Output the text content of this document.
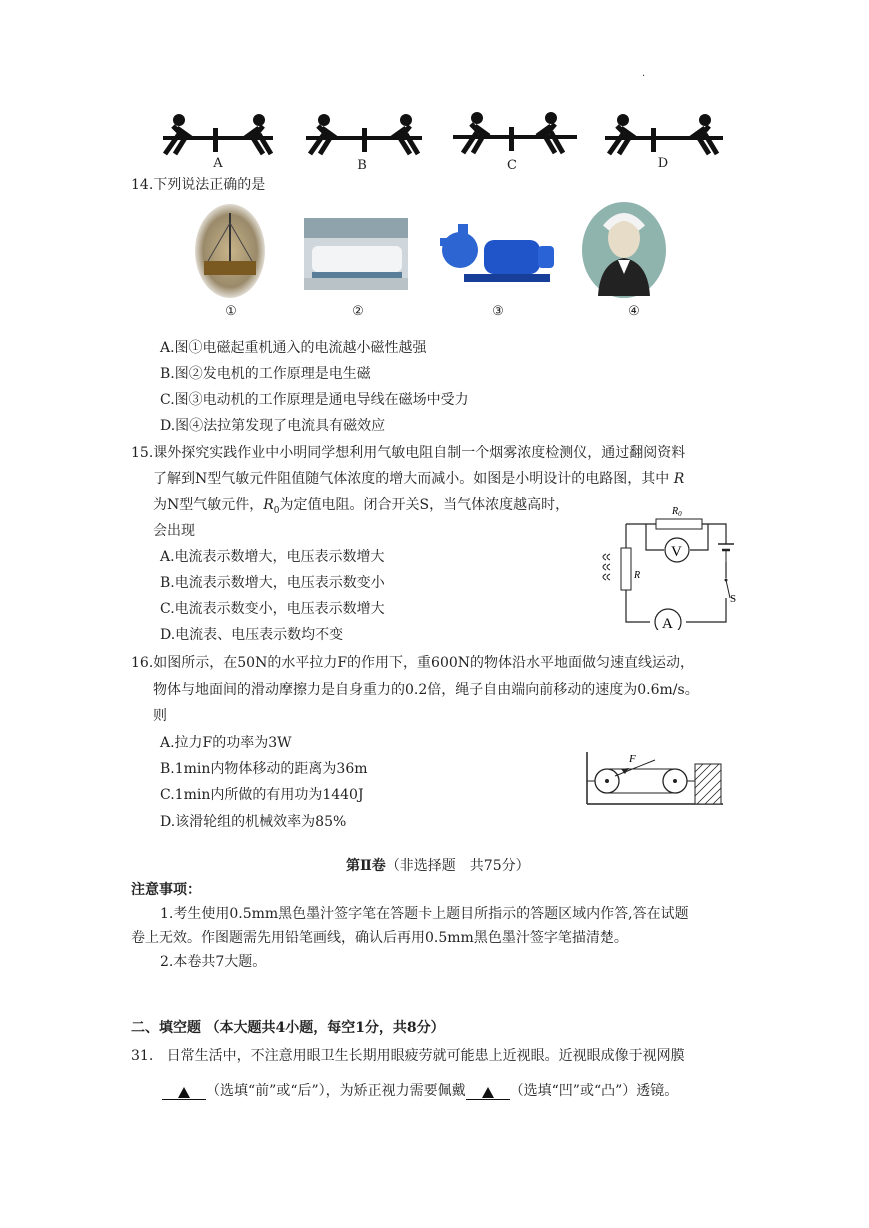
.
A	B	C	D
14.下列说法正确的是
①	②	③	④
A.图①电磁起重机通入的电流越小磁性越强
B.图②发电机的工作原理是电生磁
C.图③电动机的工作原理是通电导线在磁场中受力
D.图④法拉第发现了电流具有磁效应
15.课外探究实践作业中小明同学想利用气敏电阻自制一个烟雾浓度检测仪，通过翻阅资料
了解到N型气敏元件阻值随气体浓度的增大而减小。如图是小明设计的电路图，其中 R
为N型气敏元件，$R_0$为定值电阻。闭合开关S，当气体浓度越高时，
会出现
A.电流表示数增大，电压表示数增大
B.电流表示数增大，电压表示数变小
C.电流表示数变小，电压表示数增大
D.电流表、电压表示数均不变
$R_0$
V
S
R
A
16.如图所示，在50N的水平拉力F的作用下，重600N的物体沿水平地面做匀速直线运动，
物体与地面间的滑动摩擦力是自身重力的0.2倍，绳子自由端向前移动的速度为0.6m/s。
则
A.拉力F的功率为3W
B.1min内物体移动的距离为36m
C.1min内所做的有用功为1440J
D.该滑轮组的机械效率为85%
F
第Ⅱ卷（非选择题　共75分）
注意事项：
1.考生使用0.5mm黑色墨汁签字笔在答题卡上题目所指示的答题区域内作答,答在试题
卷上无效。作图题需先用铅笔画线，确认后再用0.5mm黑色墨汁签字笔描清楚。
2.本卷共7大题。
二、填空题 （本大题共4小题，每空1分，共8分）
31. 日常生活中，不注意用眼卫生长期用眼疲劳就可能患上近视眼。近视眼成像于视网膜
（选填“前”或“后”），为矫正视力需要佩戴	（选填“凹”或“凸”）透镜。
